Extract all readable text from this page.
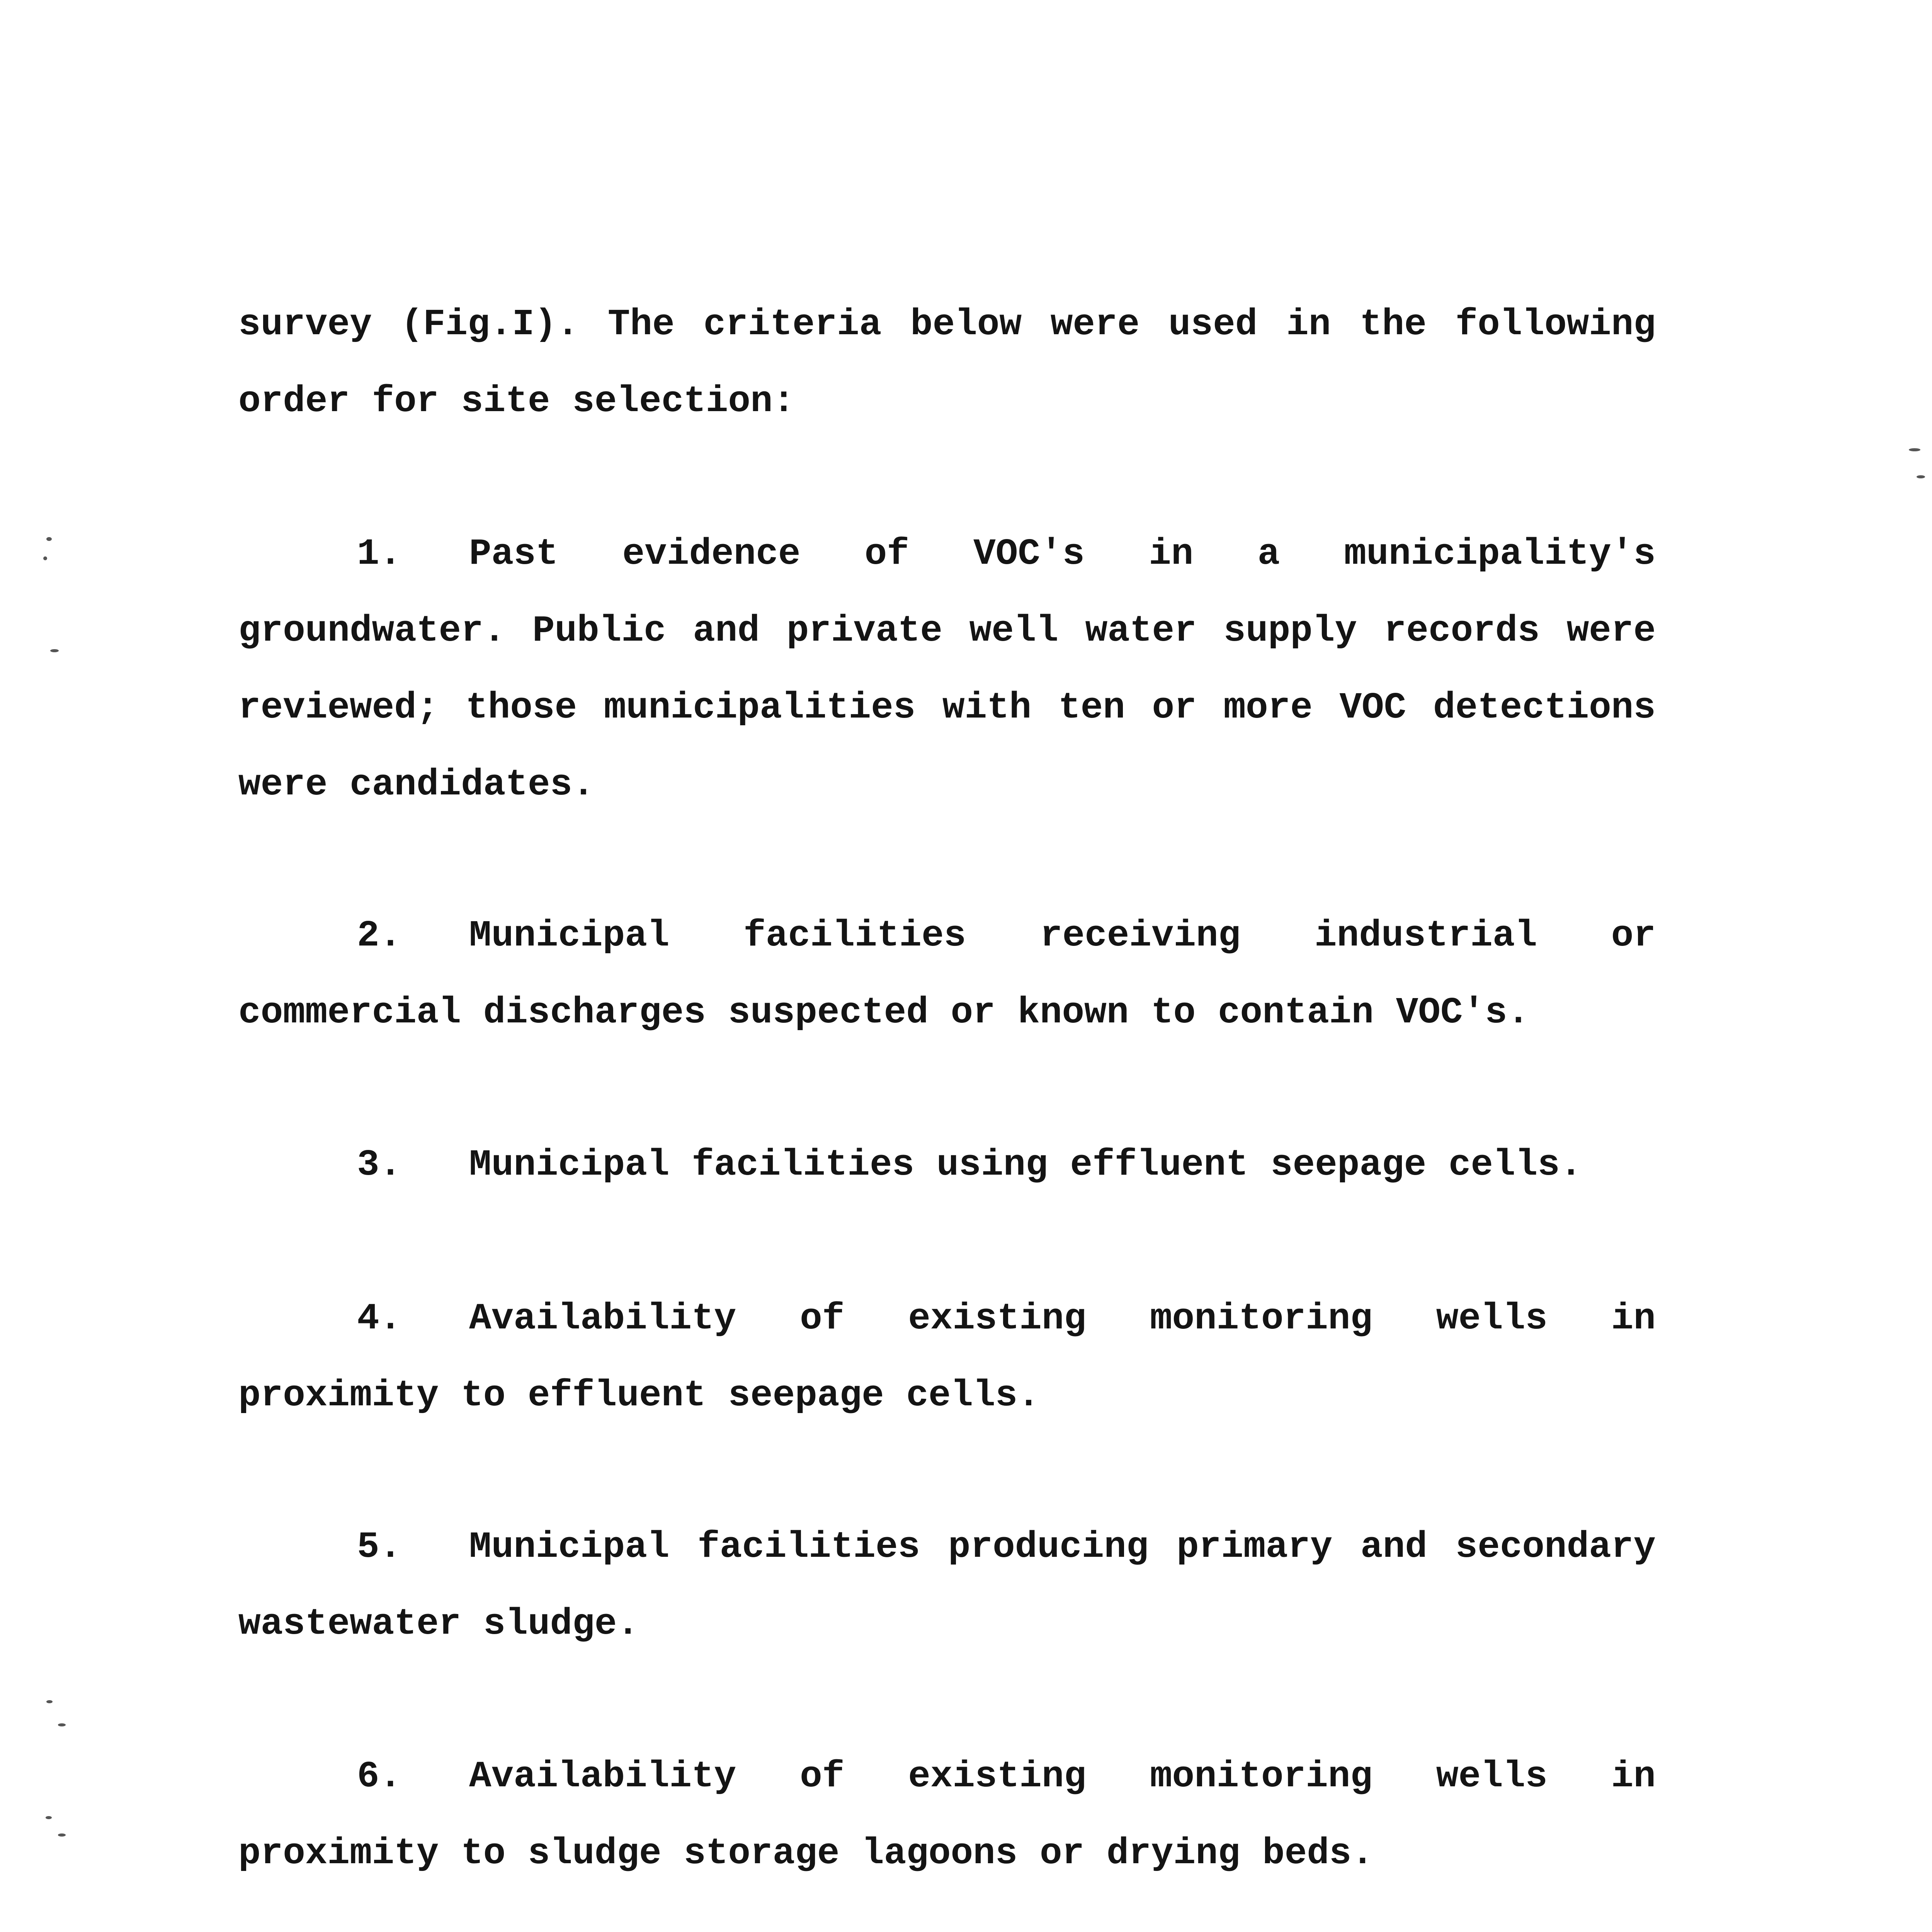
survey (Fig.I). The criteria below were used in the following order for site selection:

1. Past evidence of VOC's in a municipality's groundwater. Public and private well water supply records were reviewed; those municipalities with ten or more VOC detections were candidates.

2. Municipal facilities receiving industrial or commercial discharges suspected or known to contain VOC's.

3. Municipal facilities using effluent seepage cells.

4. Availability of existing monitoring wells in proximity to effluent seepage cells.

5. Municipal facilities producing primary and secondary wastewater sludge.

6. Availability of existing monitoring wells in proximity to sludge storage lagoons or drying beds.
